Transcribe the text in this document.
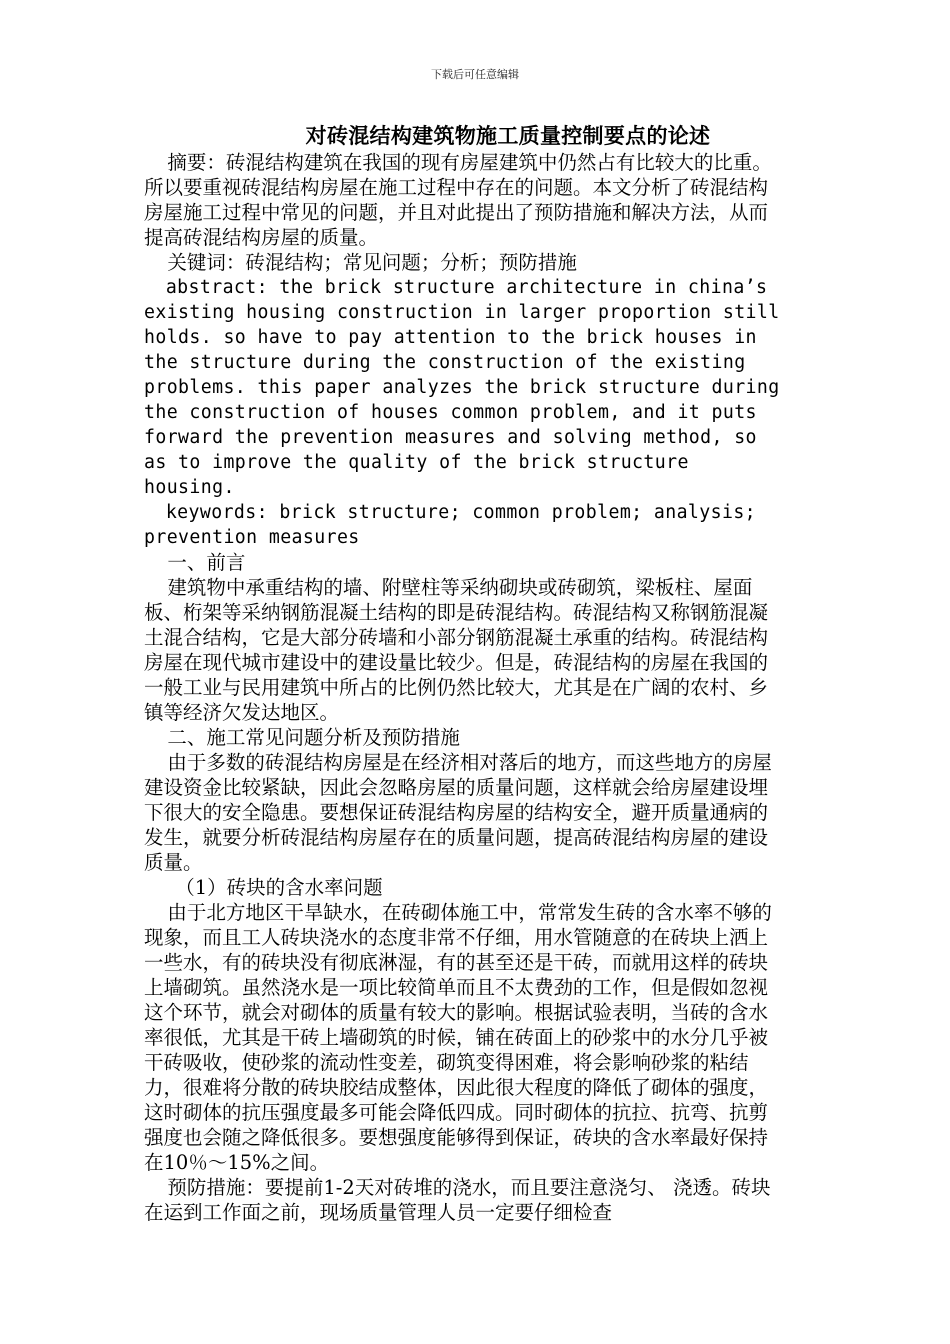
下载后可任意编辑

对砖混结构建筑物施工质量控制要点的论述

摘要：砖混结构建筑在我国的现有房屋建筑中仍然占有比较大的比重。所以要重视砖混结构房屋在施工过程中存在的问题。本文分析了砖混结构房屋施工过程中常见的问题，并且对此提出了预防措施和解决方法，从而提高砖混结构房屋的质量。

关键词：砖混结构；常见问题；分析；预防措施

abstract: the brick structure architecture in china’s existing housing construction in larger proportion still holds. so have to pay attention to the brick houses in the structure during the construction of the existing problems. this paper analyzes the brick structure during the construction of houses common problem, and it puts forward the prevention measures and solving method, so as to improve the quality of the brick structure housing.

keywords: brick structure; common problem; analysis; prevention measures

一、前言

建筑物中承重结构的墙、附壁柱等采纳砌块或砖砌筑，梁板柱、屋面板、桁架等采纳钢筋混凝土结构的即是砖混结构。砖混结构又称钢筋混凝土混合结构，它是大部分砖墙和小部分钢筋混凝土承重的结构。砖混结构房屋在现代城市建设中的建设量比较少。但是，砖混结构的房屋在我国的一般工业与民用建筑中所占的比例仍然比较大，尤其是在广阔的农村、乡镇等经济欠发达地区。

二、施工常见问题分析及预防措施

由于多数的砖混结构房屋是在经济相对落后的地方，而这些地方的房屋建设资金比较紧缺，因此会忽略房屋的质量问题，这样就会给房屋建设埋下很大的安全隐患。要想保证砖混结构房屋的结构安全，避开质量通病的发生，就要分析砖混结构房屋存在的质量问题，提高砖混结构房屋的建设质量。

（1）砖块的含水率问题

由于北方地区干旱缺水，在砖砌体施工中，常常发生砖的含水率不够的现象，而且工人砖块浇水的态度非常不仔细，用水管随意的在砖块上洒上一些水，有的砖块没有彻底淋湿，有的甚至还是干砖，而就用这样的砖块上墙砌筑。虽然浇水是一项比较简单而且不太费劲的工作，但是假如忽视这个环节，就会对砌体的质量有较大的影响。根据试验表明，当砖的含水率很低，尤其是干砖上墙砌筑的时候，铺在砖面上的砂浆中的水分几乎被干砖吸收，使砂浆的流动性变差，砌筑变得困难，将会影响砂浆的粘结力，很难将分散的砖块胶结成整体，因此很大程度的降低了砌体的强度，这时砌体的抗压强度最多可能会降低四成。同时砌体的抗拉、抗弯、抗剪强度也会随之降低很多。要想强度能够得到保证，砖块的含水率最好保持在10％～15%之间。

预防措施：要提前1-2天对砖堆的浇水，而且要注意浇匀、 浇透。砖块在运到工作面之前，现场质量管理人员一定要仔细检查
